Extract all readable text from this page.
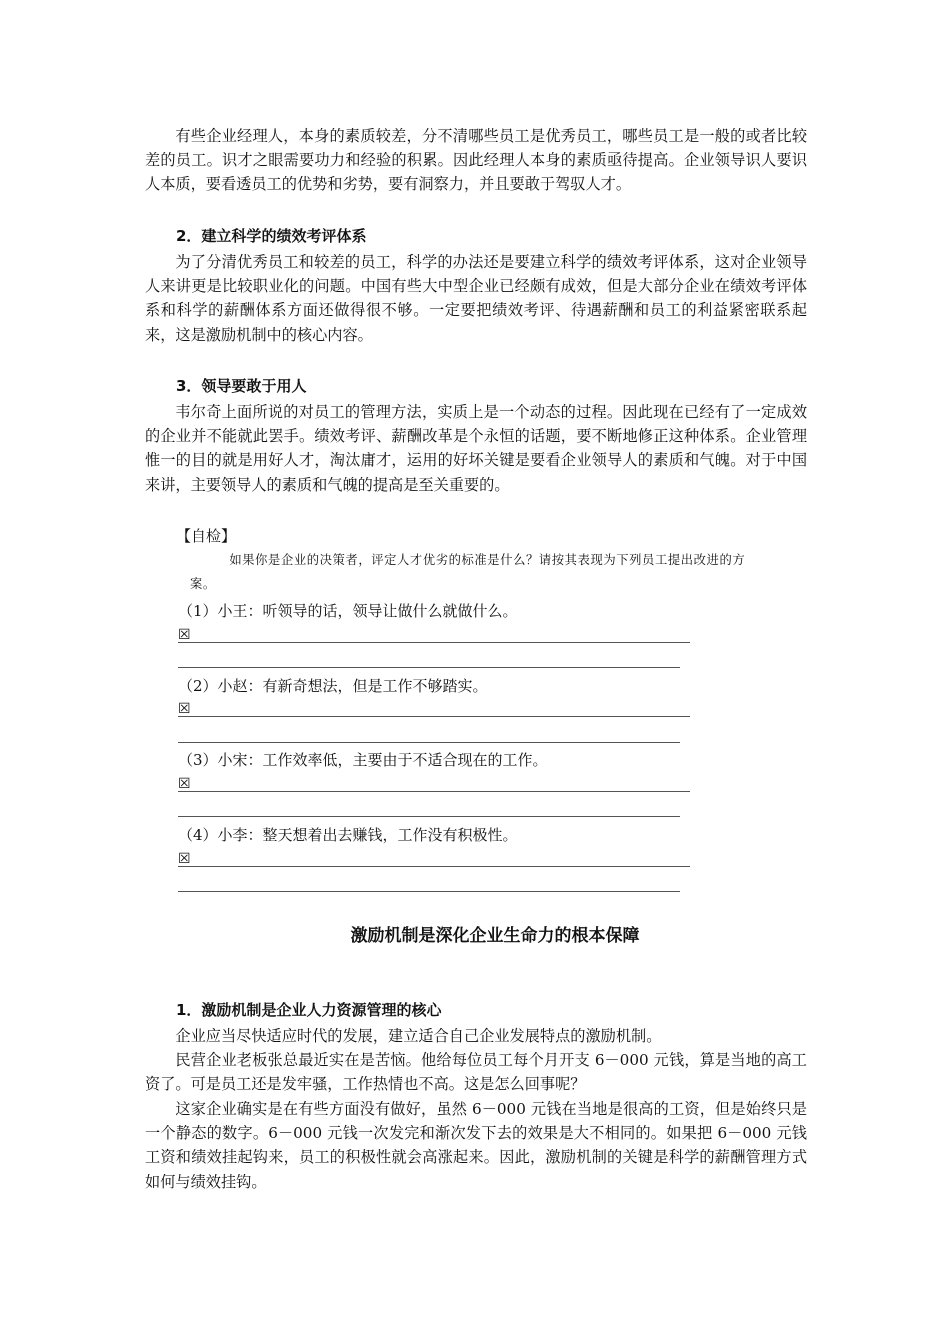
有些企业经理人，本身的素质较差，分不清哪些员工是优秀员工，哪些员工是一般的或者比较差的员工。识才之眼需要功力和经验的积累。因此经理人本身的素质亟待提高。企业领导识人要识人本质，要看透员工的优势和劣势，要有洞察力，并且要敢于驾驭人才。

2．建立科学的绩效考评体系

为了分清优秀员工和较差的员工，科学的办法还是要建立科学的绩效考评体系，这对企业领导人来讲更是比较职业化的问题。中国有些大中型企业已经颇有成效，但是大部分企业在绩效考评体系和科学的薪酬体系方面还做得很不够。一定要把绩效考评、待遇薪酬和员工的利益紧密联系起来，这是激励机制中的核心内容。

3．领导要敢于用人

韦尔奇上面所说的对员工的管理方法，实质上是一个动态的过程。因此现在已经有了一定成效的企业并不能就此罢手。绩效考评、薪酬改革是个永恒的话题，要不断地修正这种体系。企业管理惟一的目的就是用好人才，淘汰庸才，运用的好坏关键是要看企业领导人的素质和气魄。对于中国来讲，主要领导人的素质和气魄的提高是至关重要的。

【自检】

如果你是企业的决策者，评定人才优劣的标准是什么？请按其表现为下列员工提出改进的方案。

（1）小王：听领导的话，领导让做什么就做什么。

☒

（2）小赵：有新奇想法，但是工作不够踏实。

☒

（3）小宋：工作效率低，主要由于不适合现在的工作。

☒

（4）小李：整天想着出去赚钱，工作没有积极性。

☒
激励机制是深化企业生命力的根本保障
1．激励机制是企业人力资源管理的核心

企业应当尽快适应时代的发展，建立适合自己企业发展特点的激励机制。

民营企业老板张总最近实在是苦恼。他给每位员工每个月开支 6－000 元钱，算是当地的高工资了。可是员工还是发牢骚，工作热情也不高。这是怎么回事呢？

这家企业确实是在有些方面没有做好，虽然 6－000 元钱在当地是很高的工资，但是始终只是一个静态的数字。6－000 元钱一次发完和渐次发下去的效果是大不相同的。如果把 6－000 元钱工资和绩效挂起钩来，员工的积极性就会高涨起来。因此，激励机制的关键是科学的薪酬管理方式如何与绩效挂钩。
